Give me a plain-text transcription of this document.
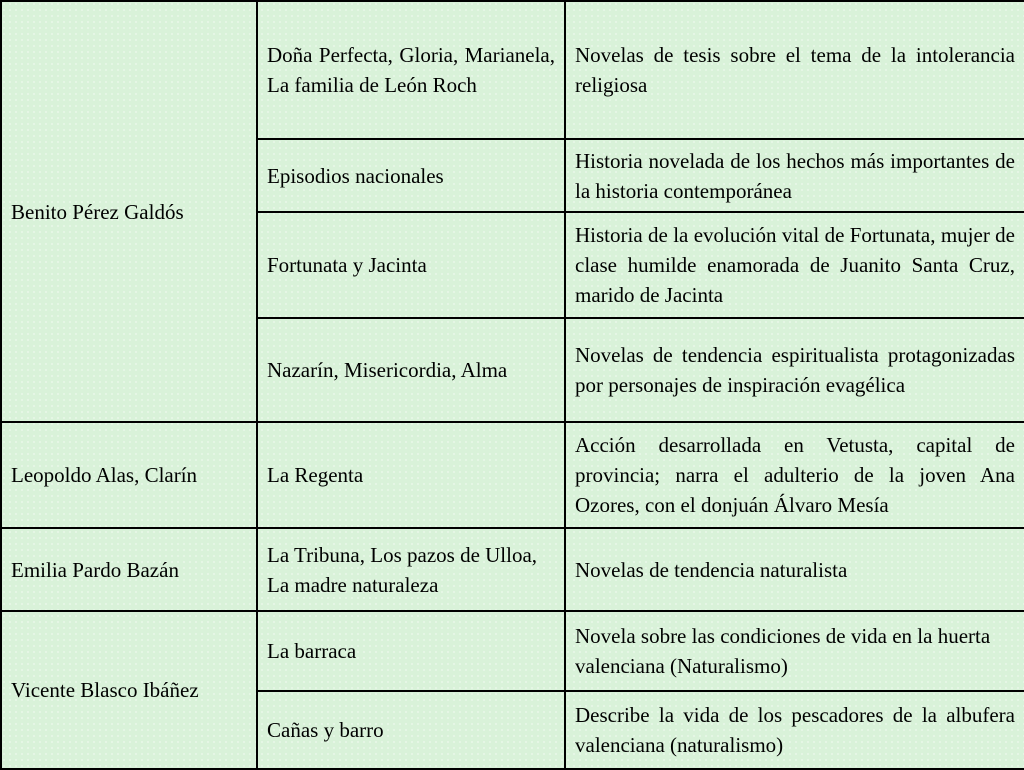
Benito Pérez Galdós	Doña Perfecta, Gloria, Marianela, La familia de León Roch	Novelas de tesis sobre el tema de la intolerancia religiosa
	Episodios nacionales	Historia novelada de los hechos más importantes de la historia contemporánea
	Fortunata y Jacinta	Historia de la evolución vital de Fortunata, mujer de clase humilde enamorada de Juanito Santa Cruz, marido de Jacinta
	Nazarín, Misericordia, Alma	Novelas de tendencia espiritualista protagonizadas por personajes de inspiración evagélica
Leopoldo Alas, Clarín	La Regenta	Acción desarrollada en Vetusta, capital de provincia; narra el adulterio de la joven Ana Ozores, con el donjuán Álvaro Mesía
Emilia Pardo Bazán	La Tribuna, Los pazos de Ulloa, La madre naturaleza	Novelas de tendencia naturalista
Vicente Blasco Ibáñez	La barraca	Novela sobre las condiciones de vida en la huerta valenciana (Naturalismo)
	Cañas y barro	Describe la vida de los pescadores de la albufera valenciana (naturalismo)
